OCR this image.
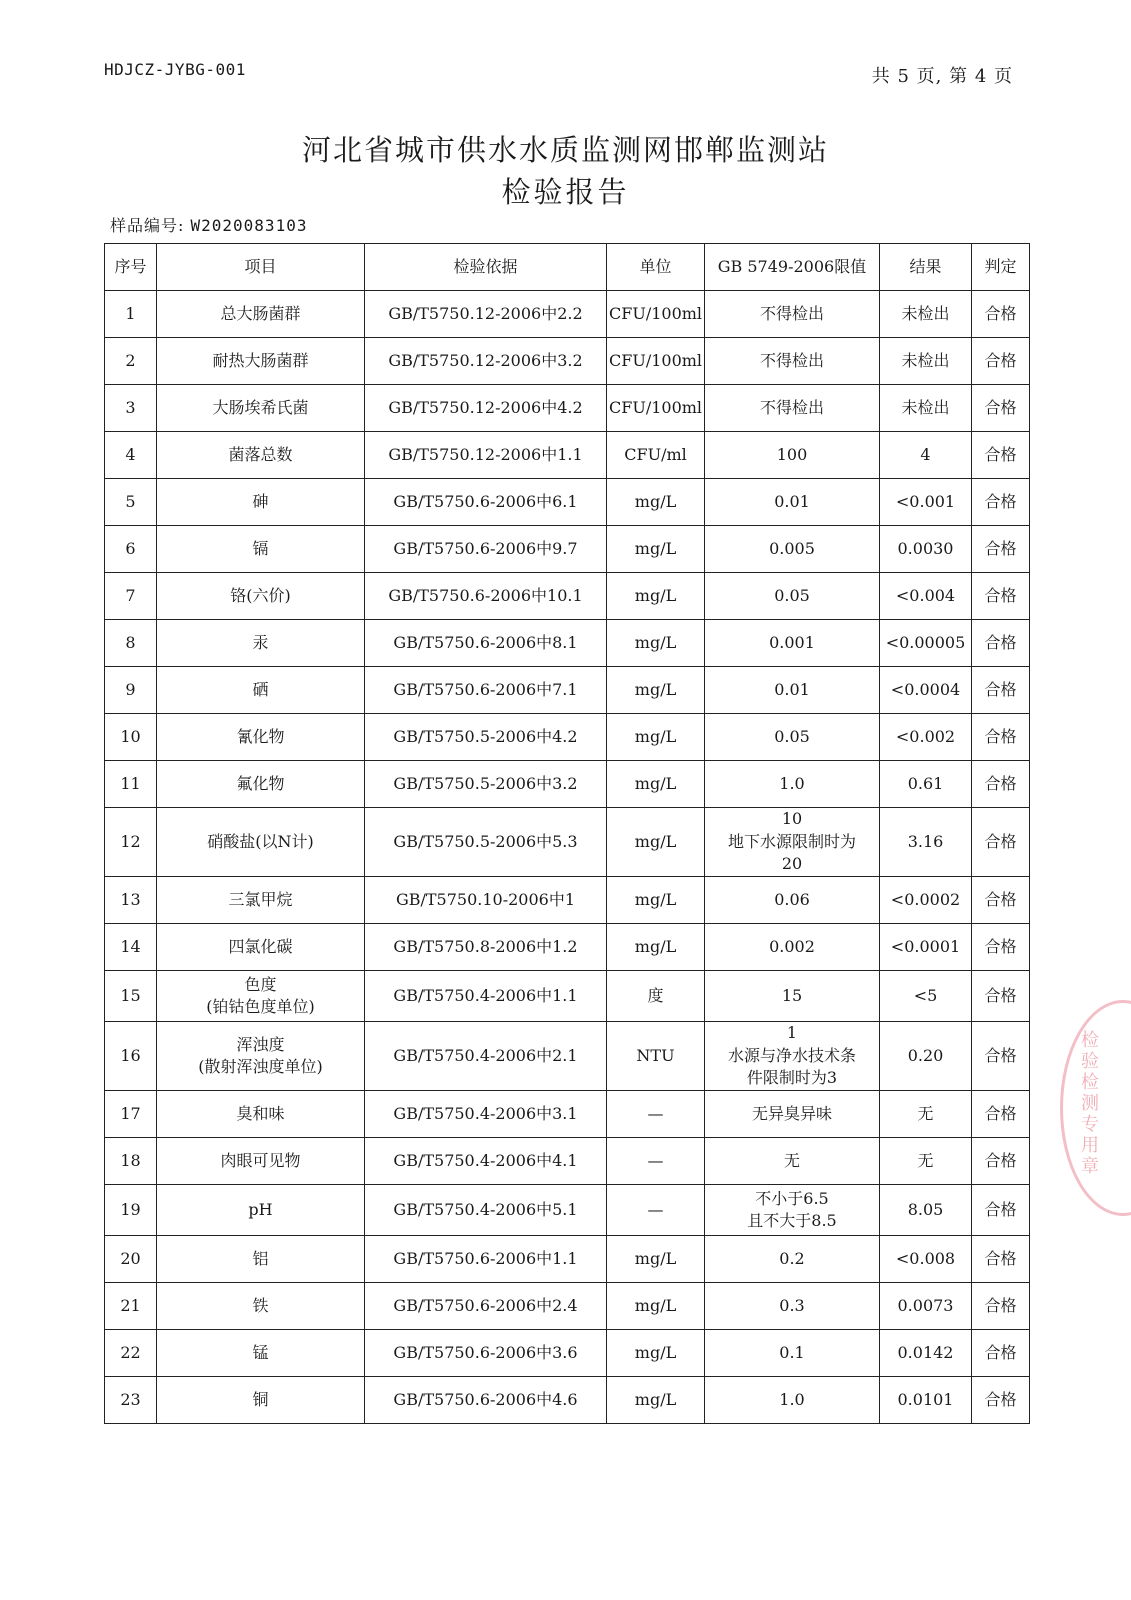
HDJCZ-JYBG-001	共 5 页, 第 4 页
河北省城市供水水质监测网邯郸监测站
检验报告
样品编号: W2020083103
序号	项目	检验依据	单位	GB 5749-2006限值	结果	判定
1	总大肠菌群	GB/T5750.12-2006中2.2	CFU/100ml	不得检出	未检出	合格
2	耐热大肠菌群	GB/T5750.12-2006中3.2	CFU/100ml	不得检出	未检出	合格
3	大肠埃希氏菌	GB/T5750.12-2006中4.2	CFU/100ml	不得检出	未检出	合格
4	菌落总数	GB/T5750.12-2006中1.1	CFU/ml	100	4	合格
5	砷	GB/T5750.6-2006中6.1	mg/L	0.01	<0.001	合格
6	镉	GB/T5750.6-2006中9.7	mg/L	0.005	0.0030	合格
7	铬(六价)	GB/T5750.6-2006中10.1	mg/L	0.05	<0.004	合格
8	汞	GB/T5750.6-2006中8.1	mg/L	0.001	<0.00005	合格
9	硒	GB/T5750.6-2006中7.1	mg/L	0.01	<0.0004	合格
10	氰化物	GB/T5750.5-2006中4.2	mg/L	0.05	<0.002	合格
11	氟化物	GB/T5750.5-2006中3.2	mg/L	1.0	0.61	合格
12	硝酸盐(以N计)	GB/T5750.5-2006中5.3	mg/L	10
地下水源限制时为
20	3.16	合格
13	三氯甲烷	GB/T5750.10-2006中1	mg/L	0.06	<0.0002	合格
14	四氯化碳	GB/T5750.8-2006中1.2	mg/L	0.002	<0.0001	合格
15	色度
(铂钴色度单位)	GB/T5750.4-2006中1.1	度	15	<5	合格
16	浑浊度
(散射浑浊度单位)	GB/T5750.4-2006中2.1	NTU	1
水源与净水技术条
件限制时为3	0.20	合格
17	臭和味	GB/T5750.4-2006中3.1	—	无异臭异味	无	合格
18	肉眼可见物	GB/T5750.4-2006中4.1	—	无	无	合格
19	pH	GB/T5750.4-2006中5.1	—	不小于6.5
且不大于8.5	8.05	合格
20	铝	GB/T5750.6-2006中1.1	mg/L	0.2	<0.008	合格
21	铁	GB/T5750.6-2006中2.4	mg/L	0.3	0.0073	合格
22	锰	GB/T5750.6-2006中3.6	mg/L	0.1	0.0142	合格
23	铜	GB/T5750.6-2006中4.6	mg/L	1.0	0.0101	合格
检验检测专用章
